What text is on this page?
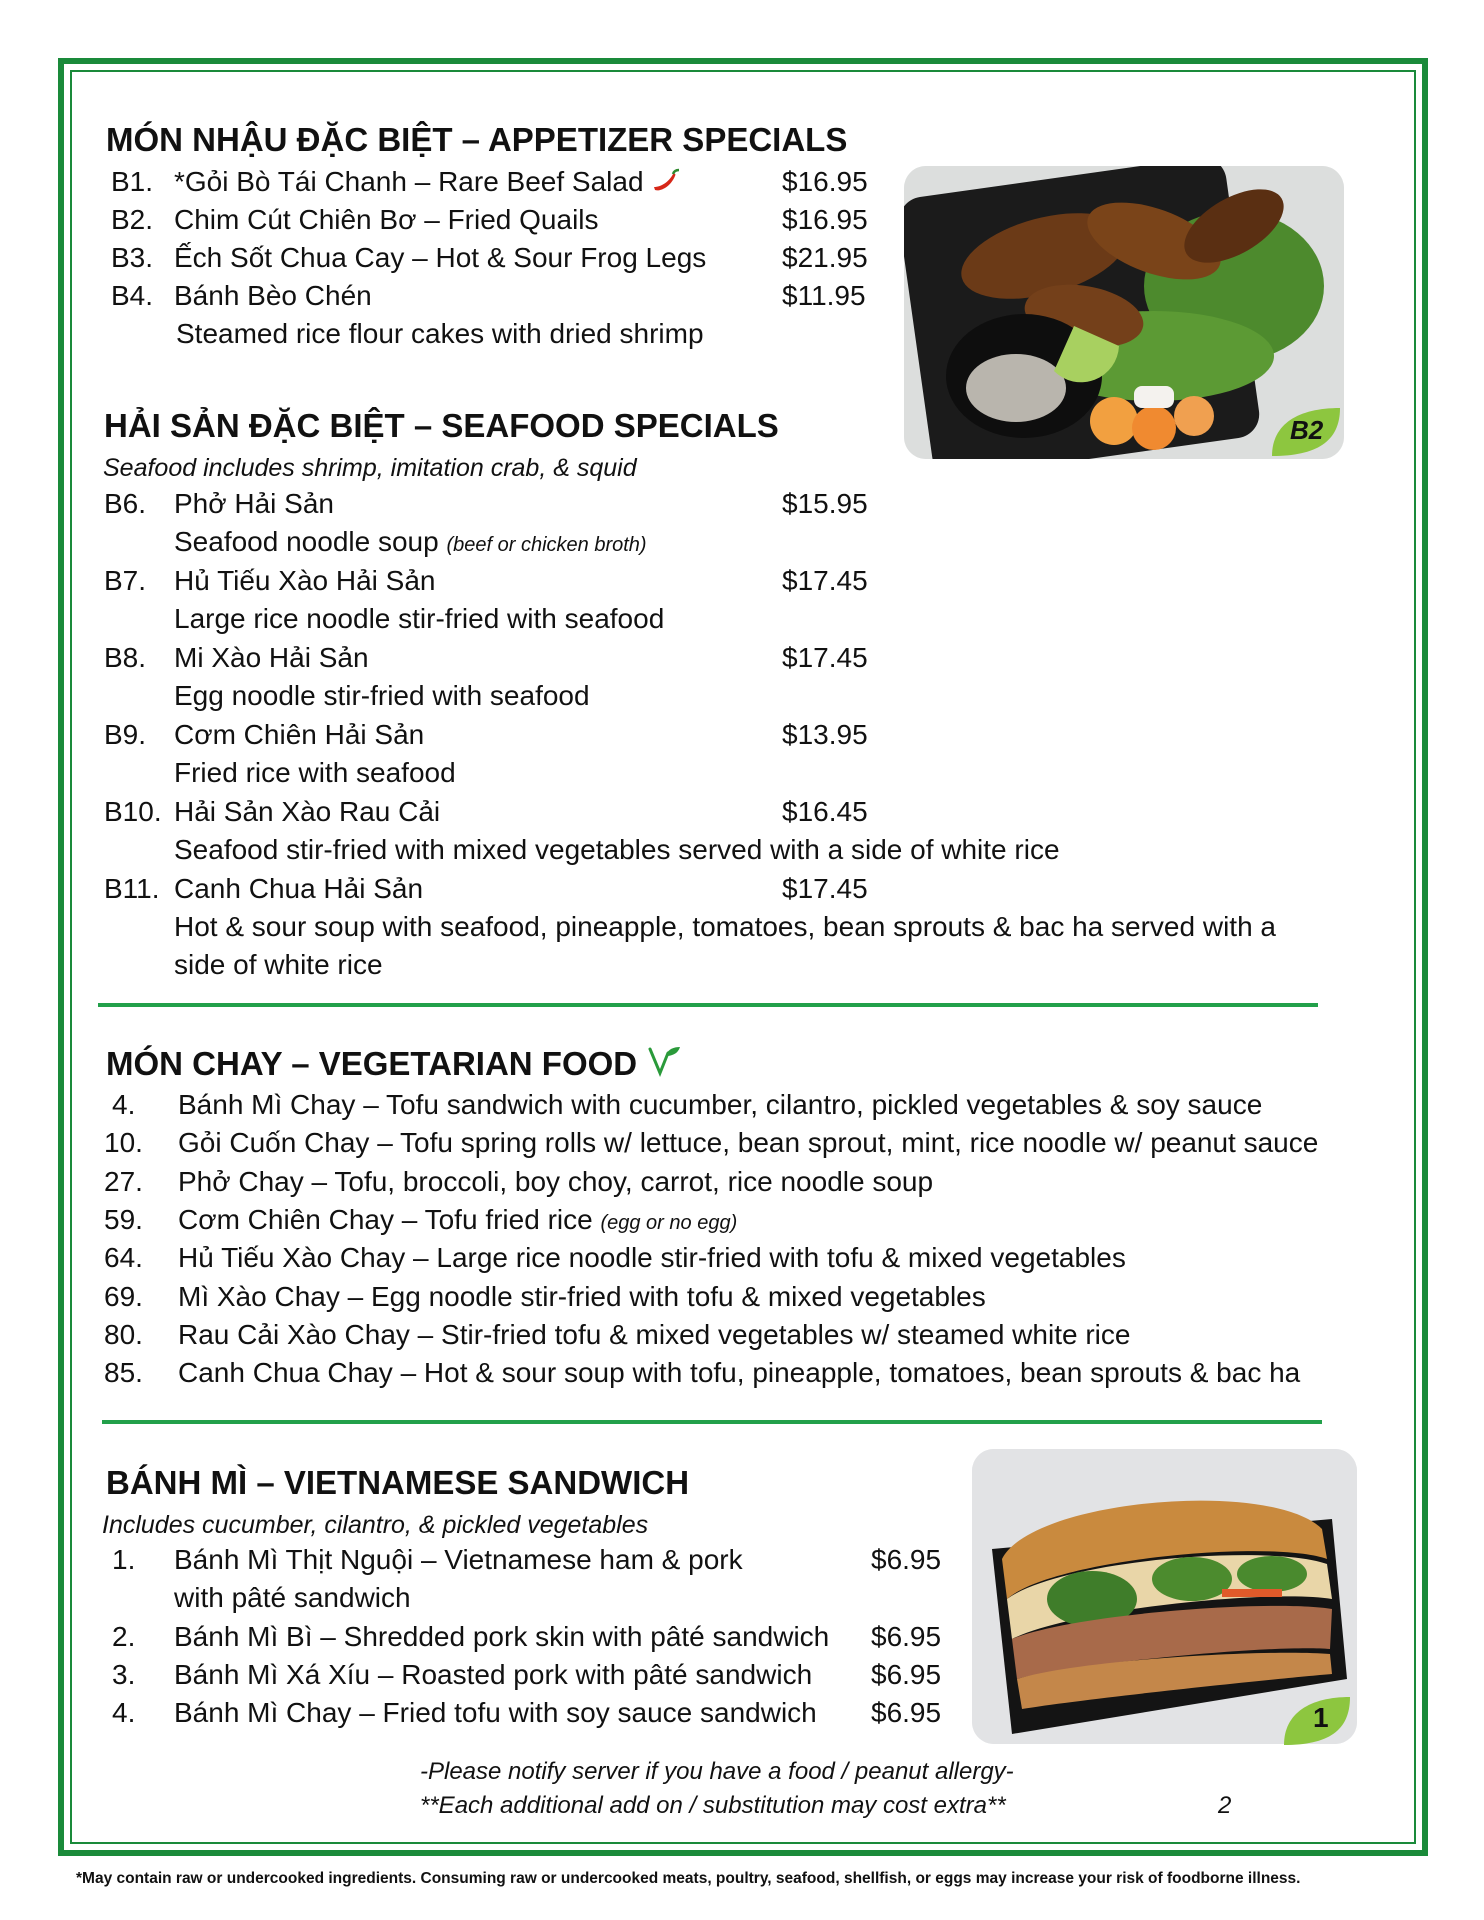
MÓN NHẬU ĐẶC BIỆT – APPETIZER SPECIALS
B1. *Gỏi Bò Tái Chanh – Rare Beef Salad	$16.95
B2. Chim Cút Chiên Bơ – Fried Quails	$16.95
B3. Ếch Sốt Chua Cay – Hot & Sour Frog Legs	$21.95
B4. Bánh Bèo Chén	$11.95
Steamed rice flour cakes with dried shrimp
B2
HẢI SẢN ĐẶC BIỆT – SEAFOOD SPECIALS
Seafood includes shrimp, imitation crab, & squid
B6. Phở Hải Sản	$15.95
Seafood noodle soup (beef or chicken broth)
B7. Hủ Tiếu Xào Hải Sản	$17.45
Large rice noodle stir-fried with seafood
B8. Mi Xào Hải Sản	$17.45
Egg noodle stir-fried with seafood
B9. Cơm Chiên Hải Sản	$13.95
Fried rice with seafood
B10. Hải Sản Xào Rau Cải	$16.45
Seafood stir-fried with mixed vegetables served with a side of white rice
B11. Canh Chua Hải Sản	$17.45
Hot & sour soup with seafood, pineapple, tomatoes, bean sprouts & bac ha served with a
side of white rice
MÓN CHAY – VEGETARIAN FOOD
4. Bánh Mì Chay – Tofu sandwich with cucumber, cilantro, pickled vegetables & soy sauce
10. Gỏi Cuốn Chay – Tofu spring rolls w/ lettuce, bean sprout, mint, rice noodle w/ peanut sauce
27. Phở Chay – Tofu, broccoli, boy choy, carrot, rice noodle soup
59. Cơm Chiên Chay – Tofu fried rice (egg or no egg)
64. Hủ Tiếu Xào Chay – Large rice noodle stir-fried with tofu & mixed vegetables
69. Mì Xào Chay – Egg noodle stir-fried with tofu & mixed vegetables
80. Rau Cải Xào Chay – Stir-fried tofu & mixed vegetables w/ steamed white rice
85. Canh Chua Chay – Hot & sour soup with tofu, pineapple, tomatoes, bean sprouts & bac ha
BÁNH MÌ – VIETNAMESE SANDWICH
Includes cucumber, cilantro, & pickled vegetables
1. Bánh Mì Thịt Nguội – Vietnamese ham & pork	$6.95
with pâté sandwich
2. Bánh Mì Bì – Shredded pork skin with pâté sandwich $6.95
3. Bánh Mì Xá Xíu – Roasted pork with pâté sandwich $6.95
4. Bánh Mì Chay – Fried tofu with soy sauce sandwich $6.95	1
-Please notify server if you have a food / peanut allergy-
**Each additional add on / substitution may cost extra**	2
*May contain raw or undercooked ingredients. Consuming raw or undercooked meats, poultry, seafood, shellfish, or eggs may increase your risk of foodborne illness.
